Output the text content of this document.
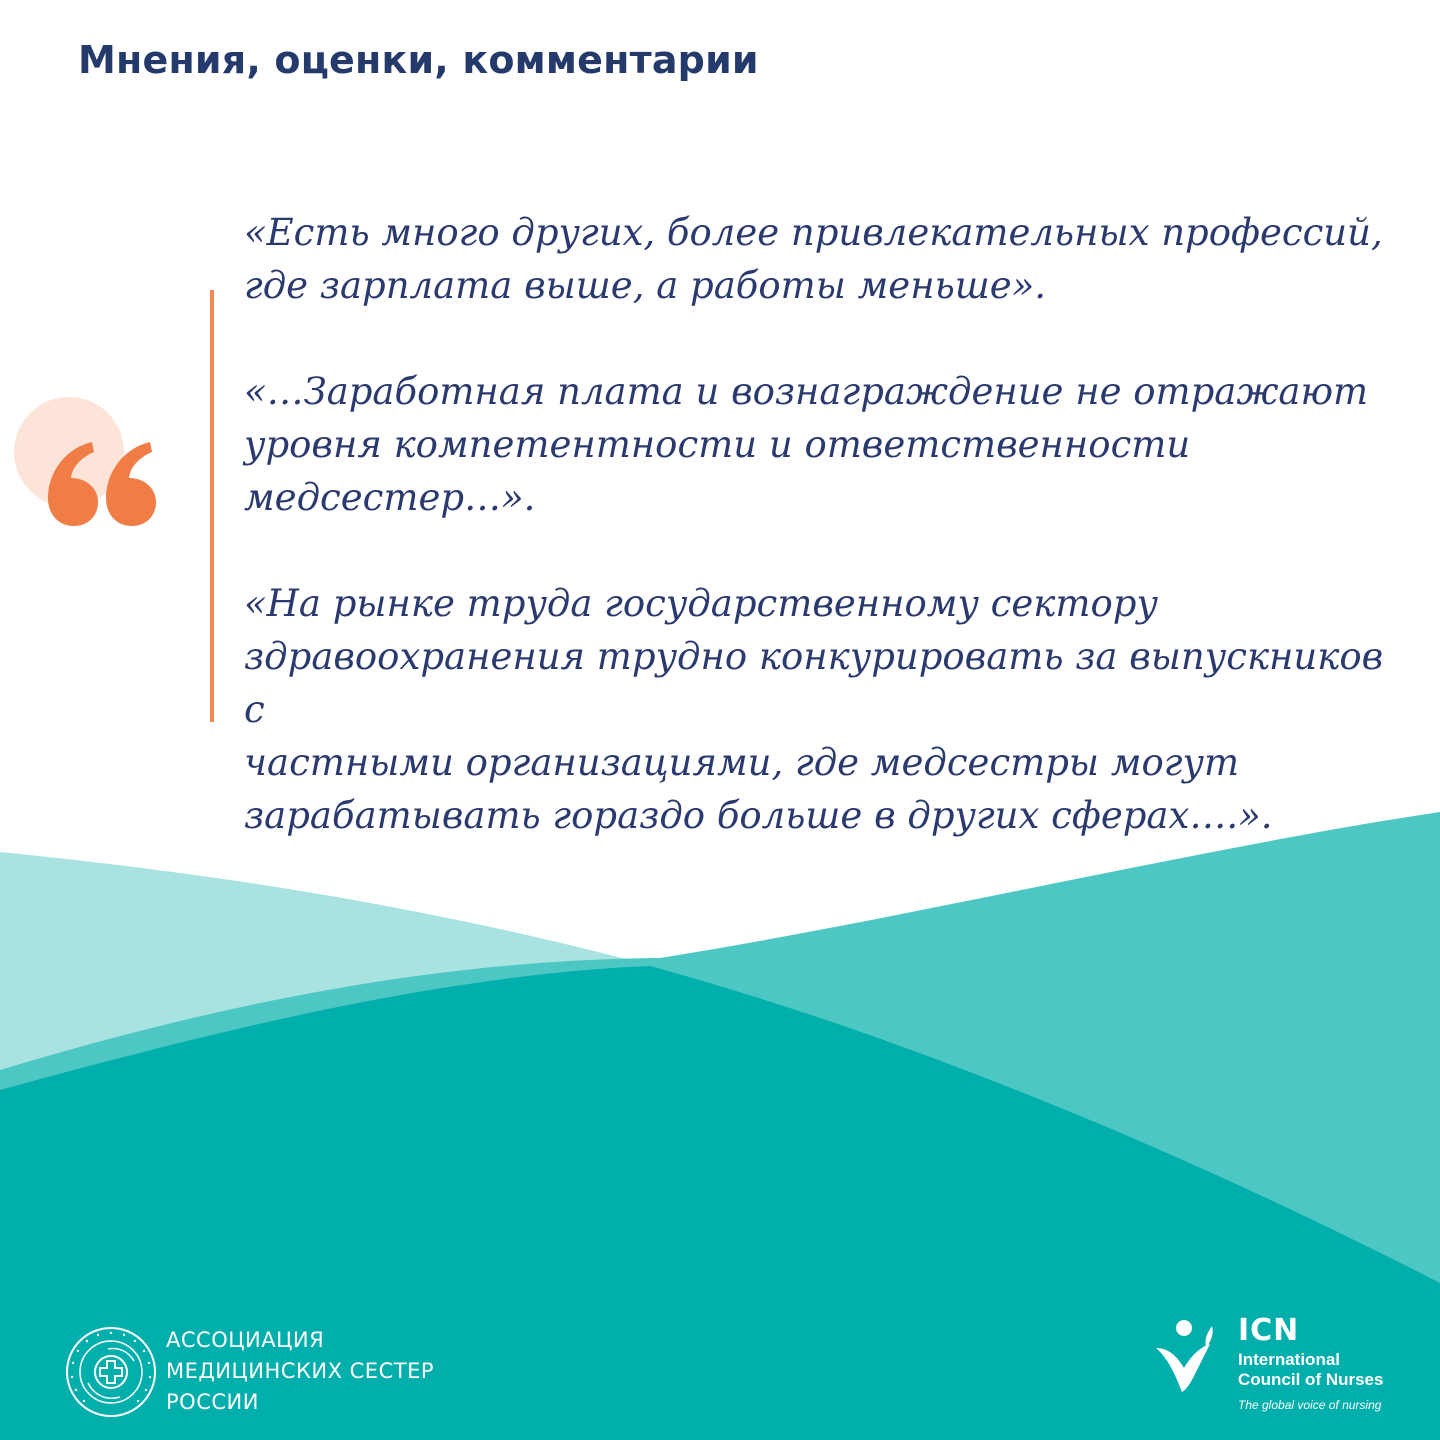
Мнения, оценки, комментарии

«Есть много других, более привлекательных профессий,
где зарплата выше, а работы меньше».

«…Заработная плата и вознаграждение не отражают
уровня компетентности и ответственности
медсестер…».

«На рынке труда государственному сектору
здравоохранения трудно конкурировать за выпускников с
частными организациями, где медсестры могут
зарабатывать гораздо больше в других сферах….».

АССОЦИАЦИЯ
МЕДИЦИНСКИХ СЕСТЕР
РОССИИ
ICN
International
Council of Nurses
The global voice of nursing
